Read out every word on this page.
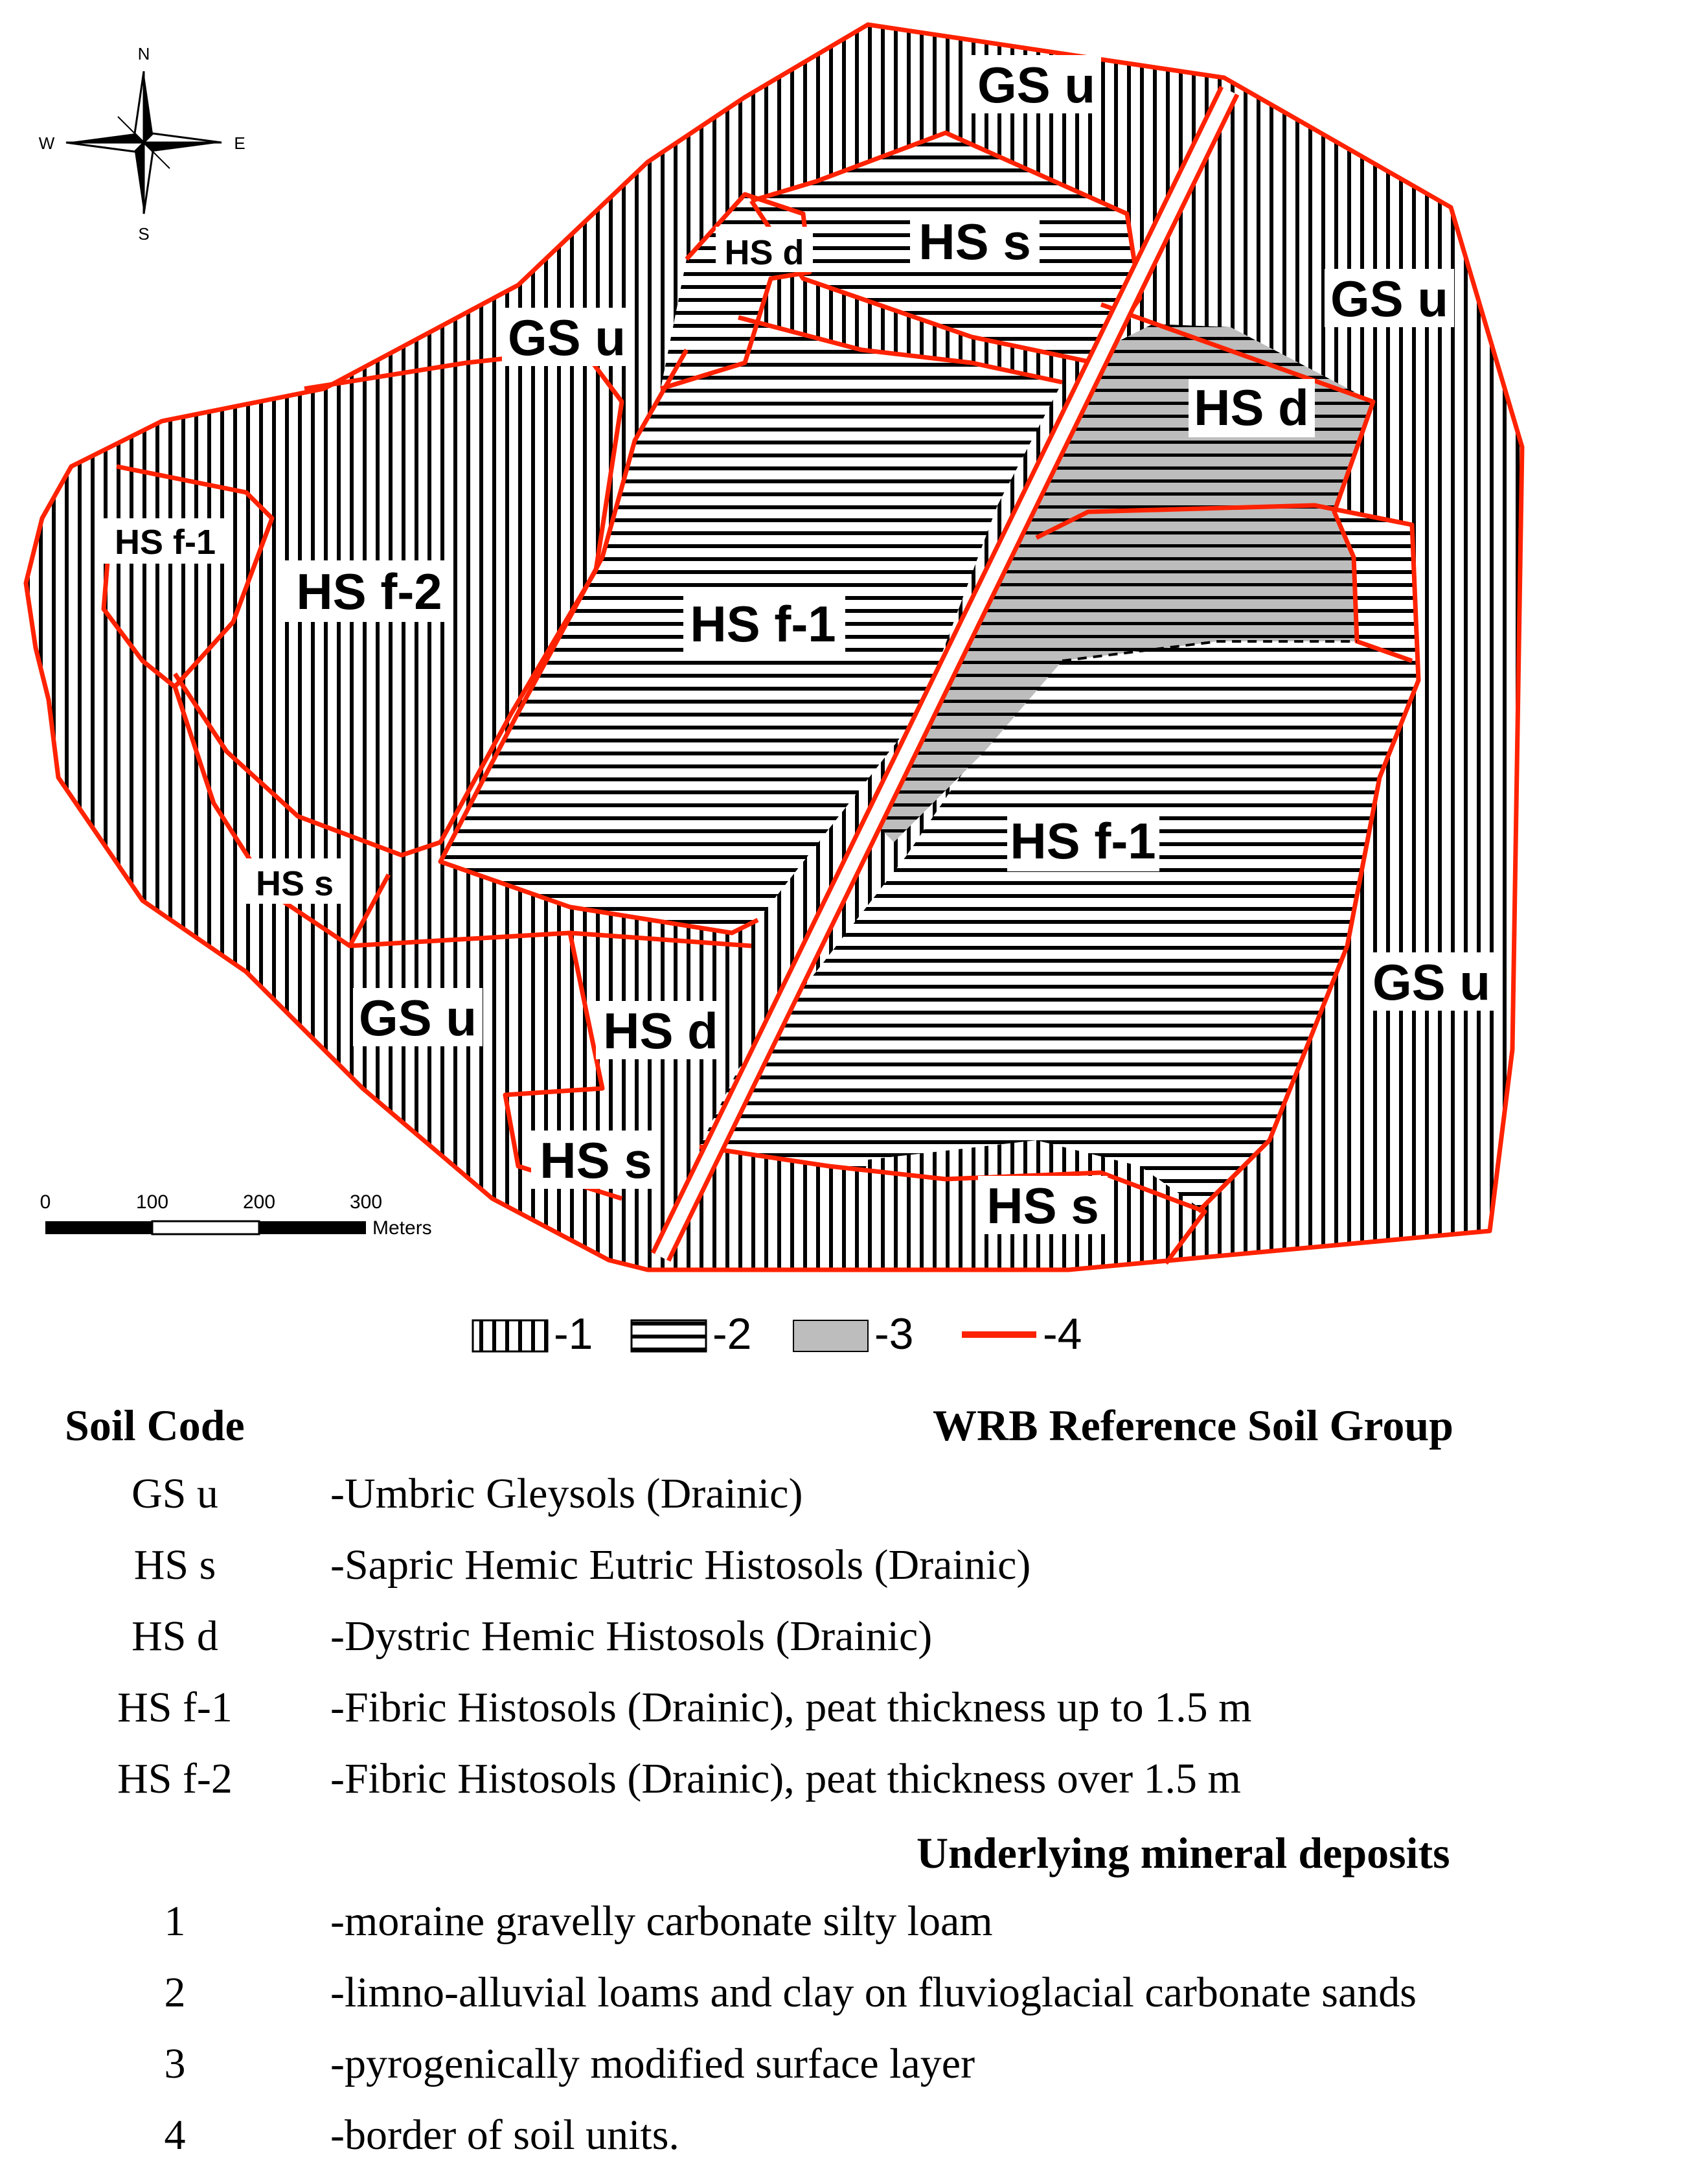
GS u
HS s
HS d
GS u
GS u
HS d
HS f-1
HS f-2
HS f-1
HS f-1
HS s
GS u
GS u	HS d
HS s
HS s
N
S
E
W
0	100	200	300
Meters
-1	-2	-3	-4
Soil Code	WRB Reference Soil Group
GS u	-Umbric Gleysols (Drainic)
HS s	-Sapric Hemic Eutric Histosols (Drainic)
HS d	-Dystric Hemic Histosols (Drainic)
HS f-1	-Fibric Histosols (Drainic), peat thickness up to 1.5 m
HS f-2	-Fibric Histosols (Drainic), peat thickness over 1.5 m
Underlying mineral deposits
1	-moraine gravelly carbonate silty loam
2	-limno-alluvial loams and clay on fluvioglacial carbonate sands
3	-pyrogenically modified surface layer
4	-border of soil units.
